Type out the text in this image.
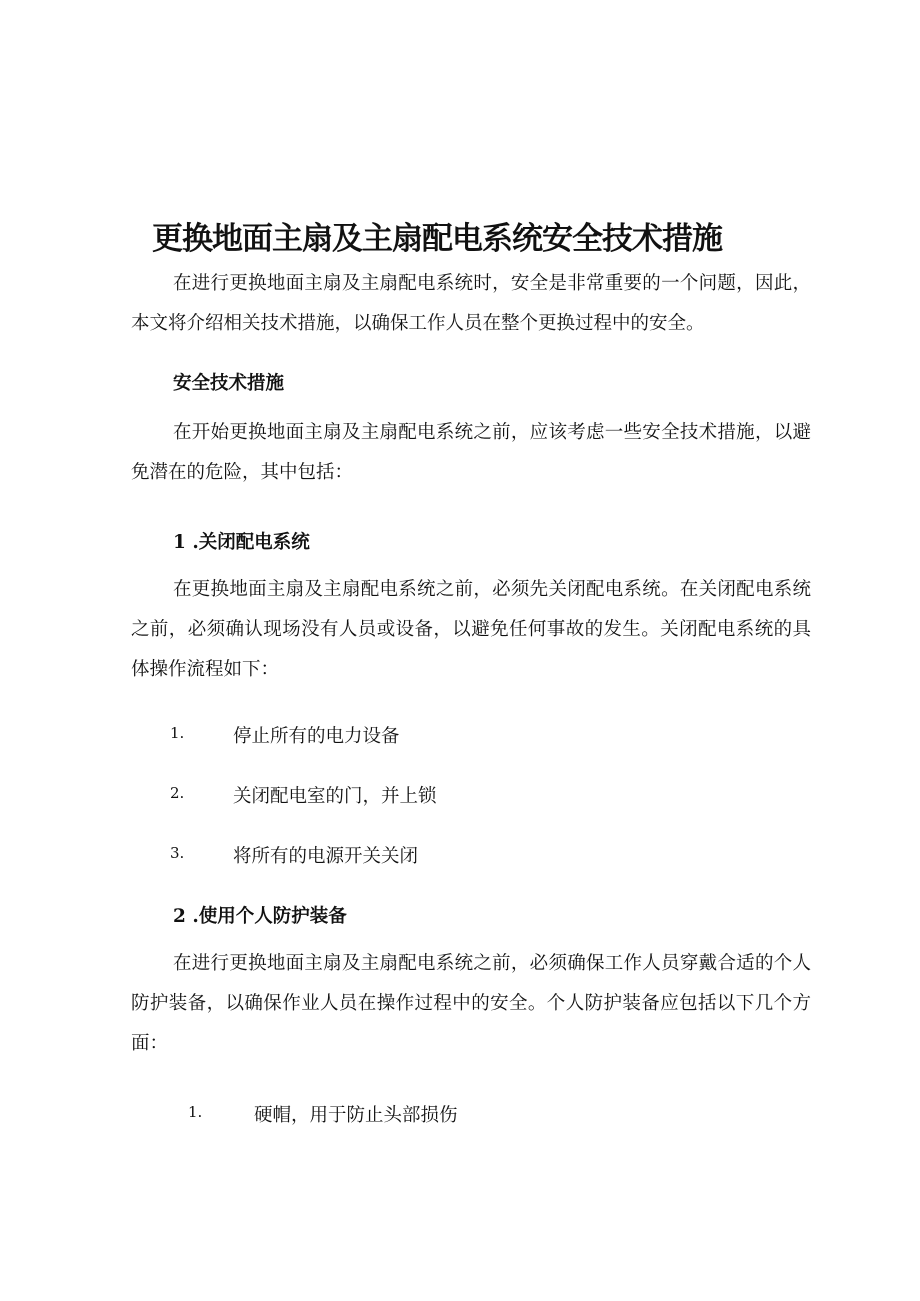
更换地面主扇及主扇配电系统安全技术措施

在进行更换地面主扇及主扇配电系统时，安全是非常重要的一个问题，因此，本文将介绍相关技术措施，以确保工作人员在整个更换过程中的安全。

安全技术措施

在开始更换地面主扇及主扇配电系统之前，应该考虑一些安全技术措施，以避免潜在的危险，其中包括：

1 .关闭配电系统

在更换地面主扇及主扇配电系统之前，必须先关闭配电系统。在关闭配电系统之前，必须确认现场没有人员或设备，以避免任何事故的发生。关闭配电系统的具体操作流程如下：

1.	停止所有的电力设备
2.	关闭配电室的门，并上锁
3.	将所有的电源开关关闭
2 .使用个人防护装备

在进行更换地面主扇及主扇配电系统之前，必须确保工作人员穿戴合适的个人防护装备，以确保作业人员在操作过程中的安全。个人防护装备应包括以下几个方面：

1.	硬帽，用于防止头部损伤
